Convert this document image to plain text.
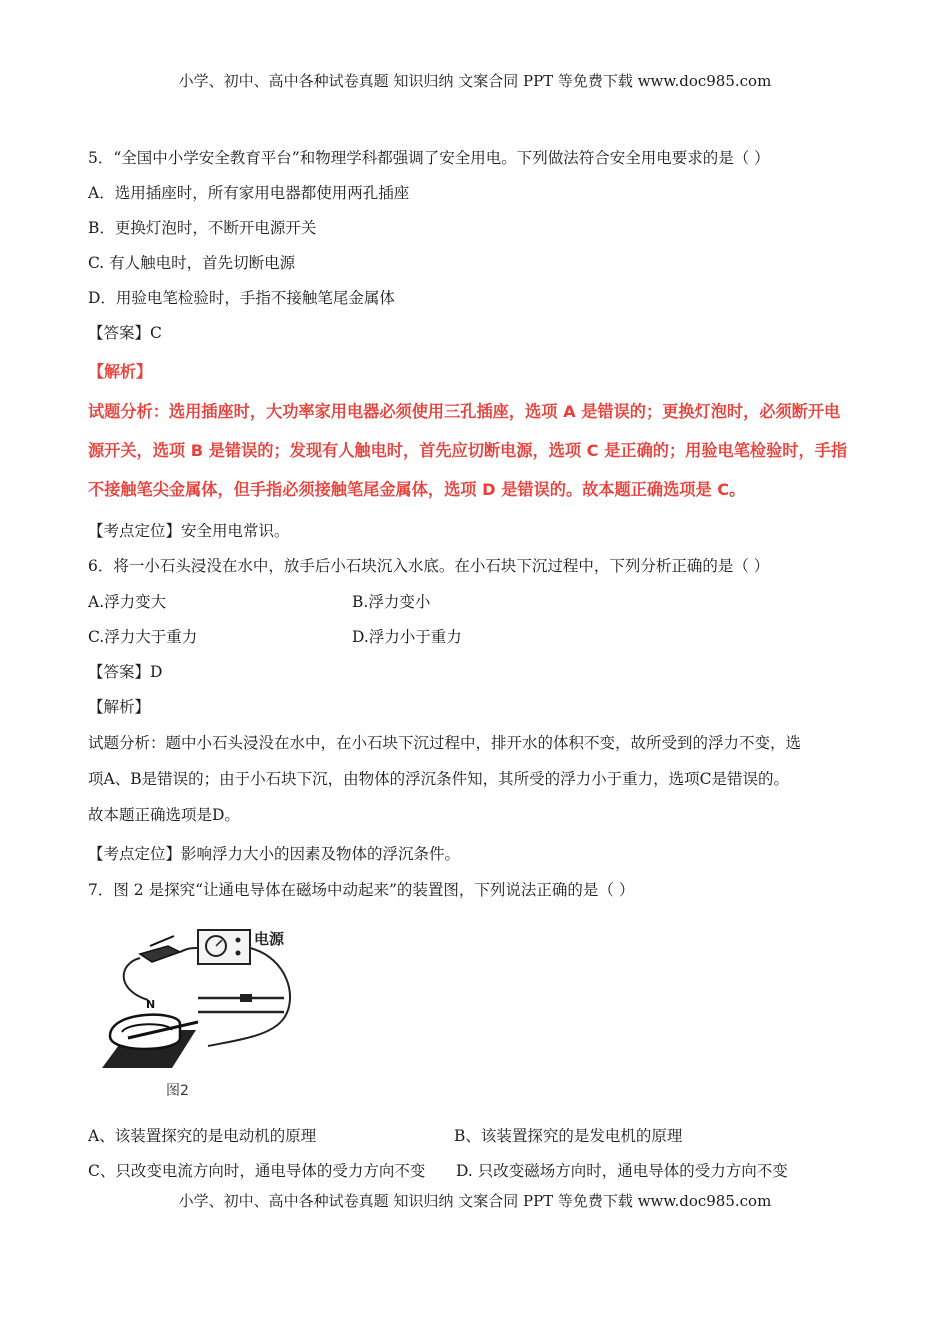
小学、初中、高中各种试卷真题 知识归纳 文案合同 PPT 等免费下载 www.doc985.com
5．“全国中小学安全教育平台”和物理学科都强调了安全用电。下列做法符合安全用电要求的是（ ）
A．选用插座时，所有家用电器都使用两孔插座
B．更换灯泡时，不断开电源开关
C. 有人触电时，首先切断电源
D．用验电笔检验时，手指不接触笔尾金属体
【答案】C
【解析】
试题分析：选用插座时，大功率家用电器必须使用三孔插座，选项 A 是错误的；更换灯泡时，必须断开电
源开关，选项 B 是错误的；发现有人触电时，首先应切断电源，选项 C 是正确的；用验电笔检验时，手指
不接触笔尖金属体，但手指必须接触笔尾金属体，选项 D 是错误的。故本题正确选项是 C。
【考点定位】安全用电常识。
6．将一小石头浸没在水中，放手后小石块沉入水底。在小石块下沉过程中，下列分析正确的是（ ）
A.浮力变大	B.浮力变小
C.浮力大于重力	D.浮力小于重力
【答案】D
【解析】
试题分析：题中小石头浸没在水中，在小石块下沉过程中，排开水的体积不变，故所受到的浮力不变，选
项A、B是错误的；由于小石块下沉，由物体的浮沉条件知，其所受的浮力小于重力，选项C是错误的。
故本题正确选项是D。
【考点定位】影响浮力大小的因素及物体的浮沉条件。
7．图 2 是探究“让通电导体在磁场中动起来”的装置图，下列说法正确的是（ ）
电源
N
图2
A、该装置探究的是电动机的原理	B、该装置探究的是发电机的原理
C、只改变电流方向时，通电导体的受力方向不变 D. 只改变磁场方向时，通电导体的受力方向不变
小学、初中、高中各种试卷真题 知识归纳 文案合同 PPT 等免费下载 www.doc985.com
